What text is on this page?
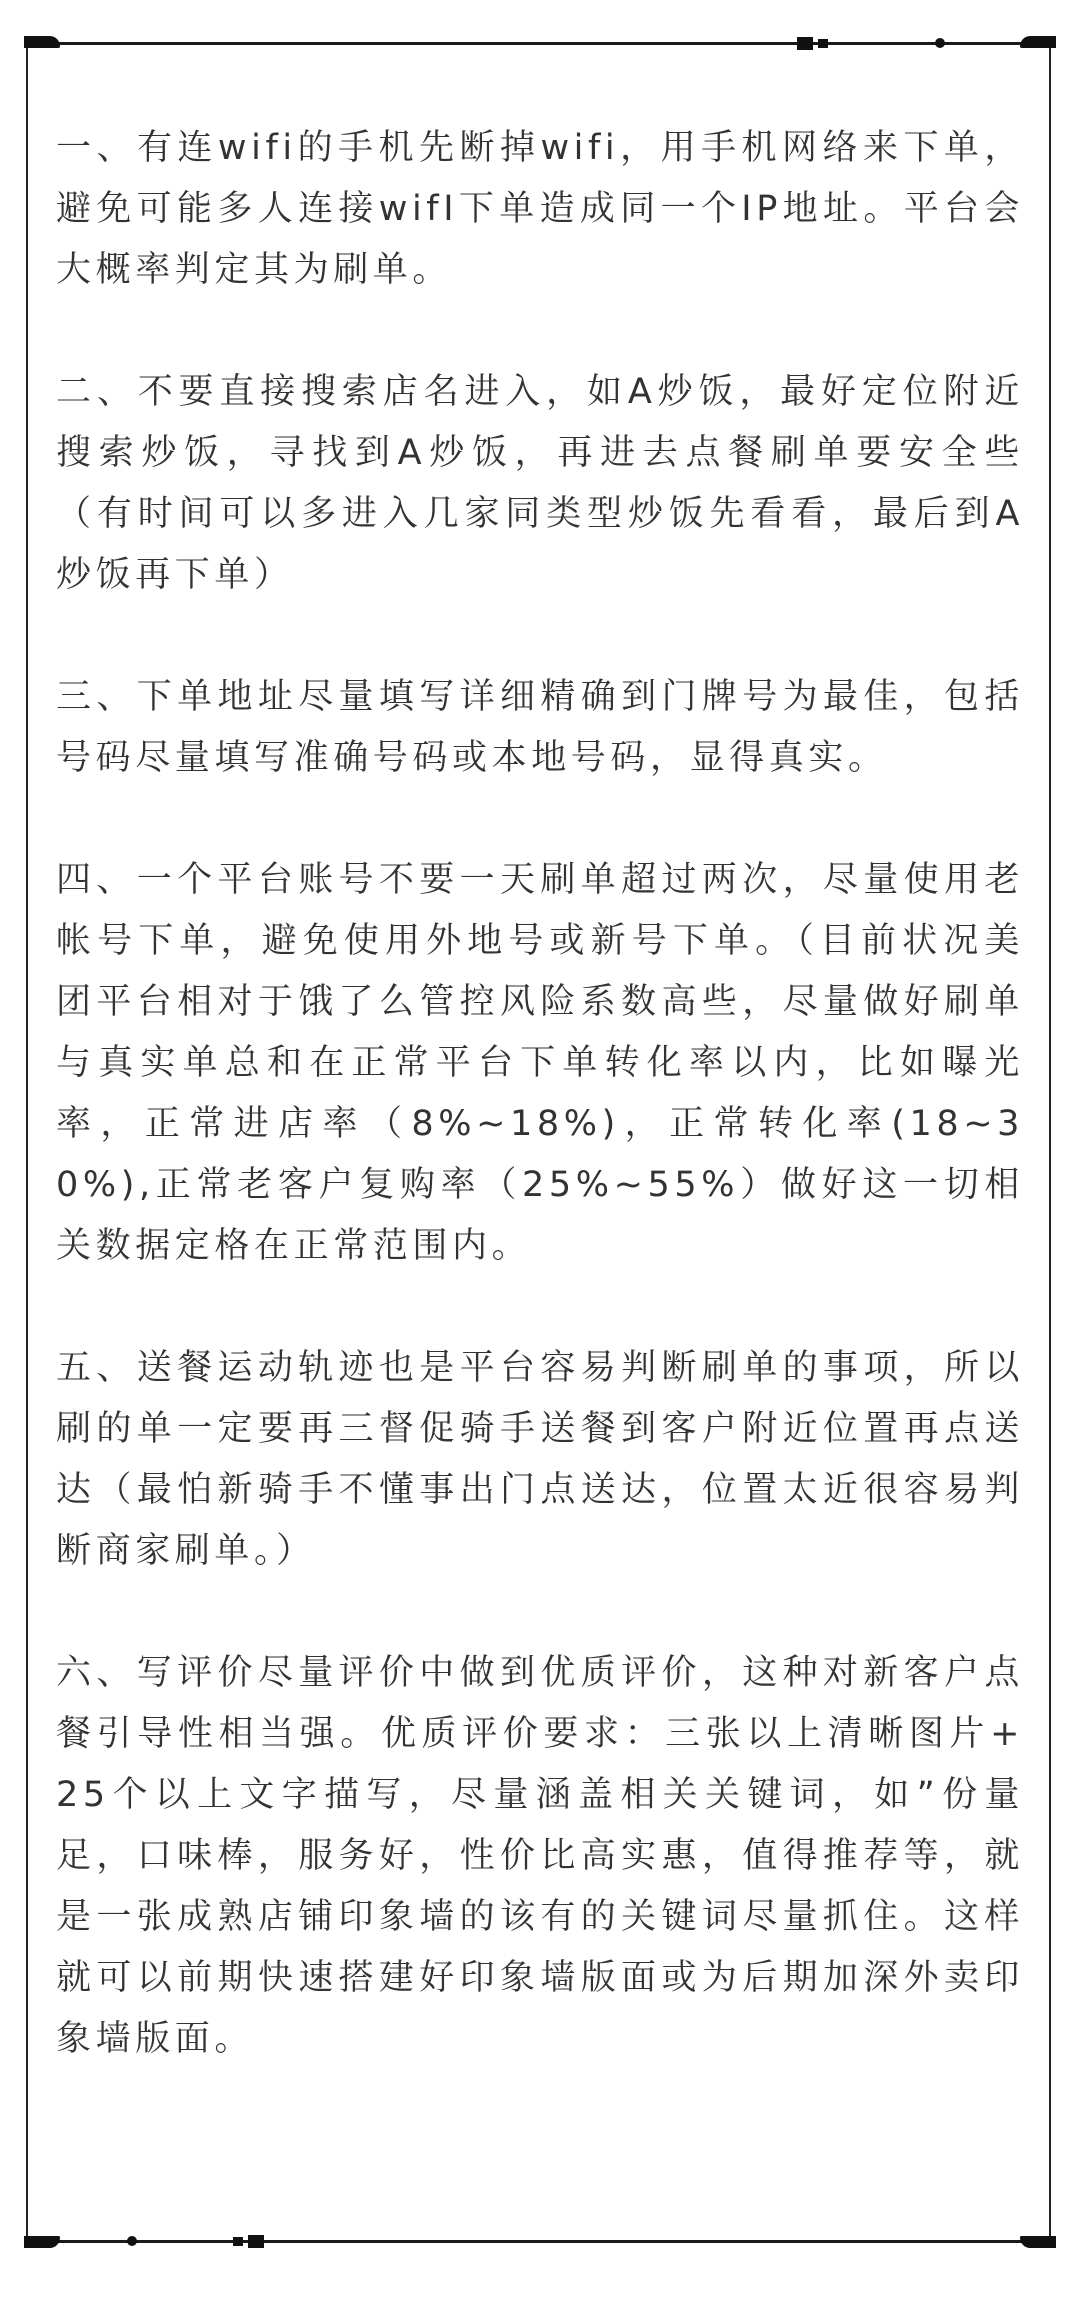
一、有连wifi的手机先断掉wifi，用手机网络来下单，避免可能多人连接wifI下单造成同一个IP地址。平台会大概率判定其为刷单。

二、不要直接搜索店名进入，如A炒饭，最好定位附近搜索炒饭，寻找到A炒饭，再进去点餐刷单要安全些（有时间可以多进入几家同类型炒饭先看看，最后到A炒饭再下单）

三、下单地址尽量填写详细精确到门牌号为最佳，包括号码尽量填写准确号码或本地号码，显得真实。

四、一个平台账号不要一天刷单超过两次，尽量使用老帐号下单，避免使用外地号或新号下单。（目前状况美团平台相对于饿了么管控风险系数高些，尽量做好刷单与真实单总和在正常平台下单转化率以内，比如曝光率，正常进店率（8%~18%)，正常转化率(18~30%),正常老客户复购率（25%~55%）做好这一切相关数据定格在正常范围内。

五、送餐运动轨迹也是平台容易判断刷单的事项，所以刷的单一定要再三督促骑手送餐到客户附近位置再点送达（最怕新骑手不懂事出门点送达，位置太近很容易判断商家刷单。）

六、写评价尽量评价中做到优质评价，这种对新客户点餐引导性相当强。优质评价要求：三张以上清晰图片+25个以上文字描写，尽量涵盖相关关键词，如”份量足，口味棒，服务好，性价比高实惠，值得推荐等，就是一张成熟店铺印象墙的该有的关键词尽量抓住。这样就可以前期快速搭建好印象墙版面或为后期加深外卖印象墙版面。
